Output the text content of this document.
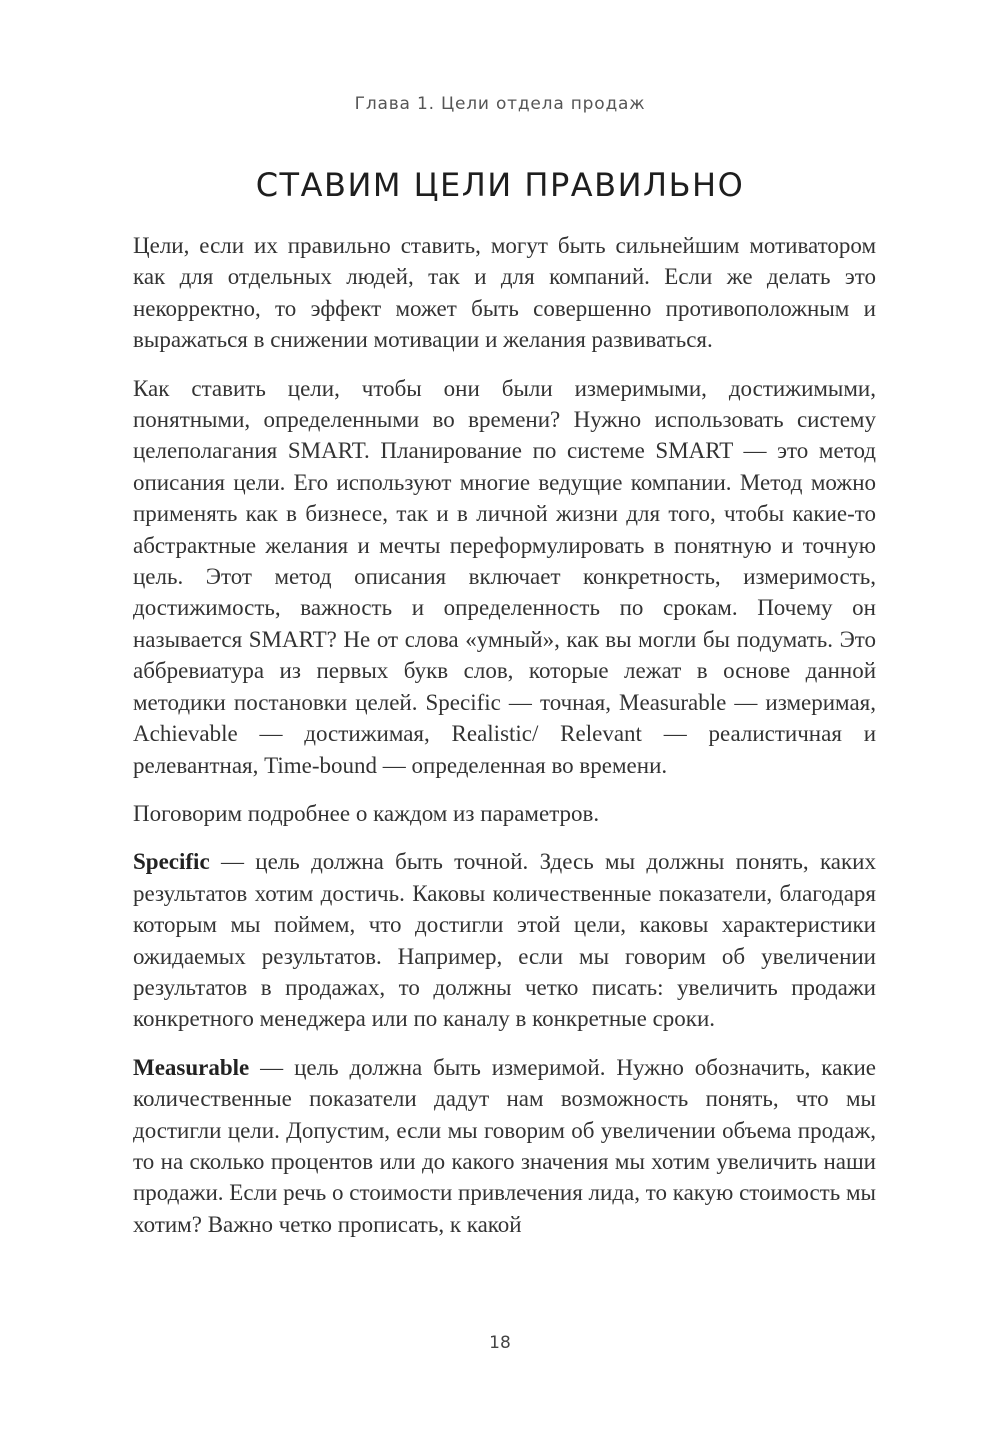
Глава 1. Цели отдела продаж
СТАВИМ ЦЕЛИ ПРАВИЛЬНО

Цели, если их правильно ставить, могут быть сильнейшим мотиватором как для отдельных людей, так и для компаний. Если же делать это некорректно, то эффект может быть совершенно противоположным и выражаться в снижении мотивации и желания развиваться.

Как ставить цели, чтобы они были измеримыми, достижимыми, понятными, определенными во времени? Нужно использовать систему целеполагания SMART. Планирование по системе SMART — это метод описания цели. Его используют многие ведущие компании. Метод можно применять как в бизнесе, так и в личной жизни для того, чтобы какие-то абстрактные желания и мечты переформулировать в понятную и точную цель. Этот метод описания включает конкретность, измеримость, достижимость, важность и определенность по срокам. Почему он называется SMART? Не от слова «умный», как вы могли бы подумать. Это аббревиатура из первых букв слов, которые лежат в основе данной методики постановки целей. Specific — точная, Measurable — измеримая, Achievable — достижимая, Realistic/ Relevant — реалистичная и релевантная, Time-bound — определенная во времени.

Поговорим подробнее о каждом из параметров.

Specific — цель должна быть точной. Здесь мы должны понять, каких результатов хотим достичь. Каковы количественные показатели, благодаря которым мы поймем, что достигли этой цели, каковы характеристики ожидаемых результатов. Например, если мы говорим об увеличении результатов в продажах, то должны четко писать: увеличить продажи конкретного менеджера или по каналу в конкретные сроки.

Measurable — цель должна быть измеримой. Нужно обозначить, какие количественные показатели дадут нам возможность понять, что мы достигли цели. Допустим, если мы говорим об увеличении объема продаж, то на сколько процентов или до какого значения мы хотим увеличить наши продажи. Если речь о стоимости привлечения лида, то какую стоимость мы хотим? Важно четко прописать, к какой

18
